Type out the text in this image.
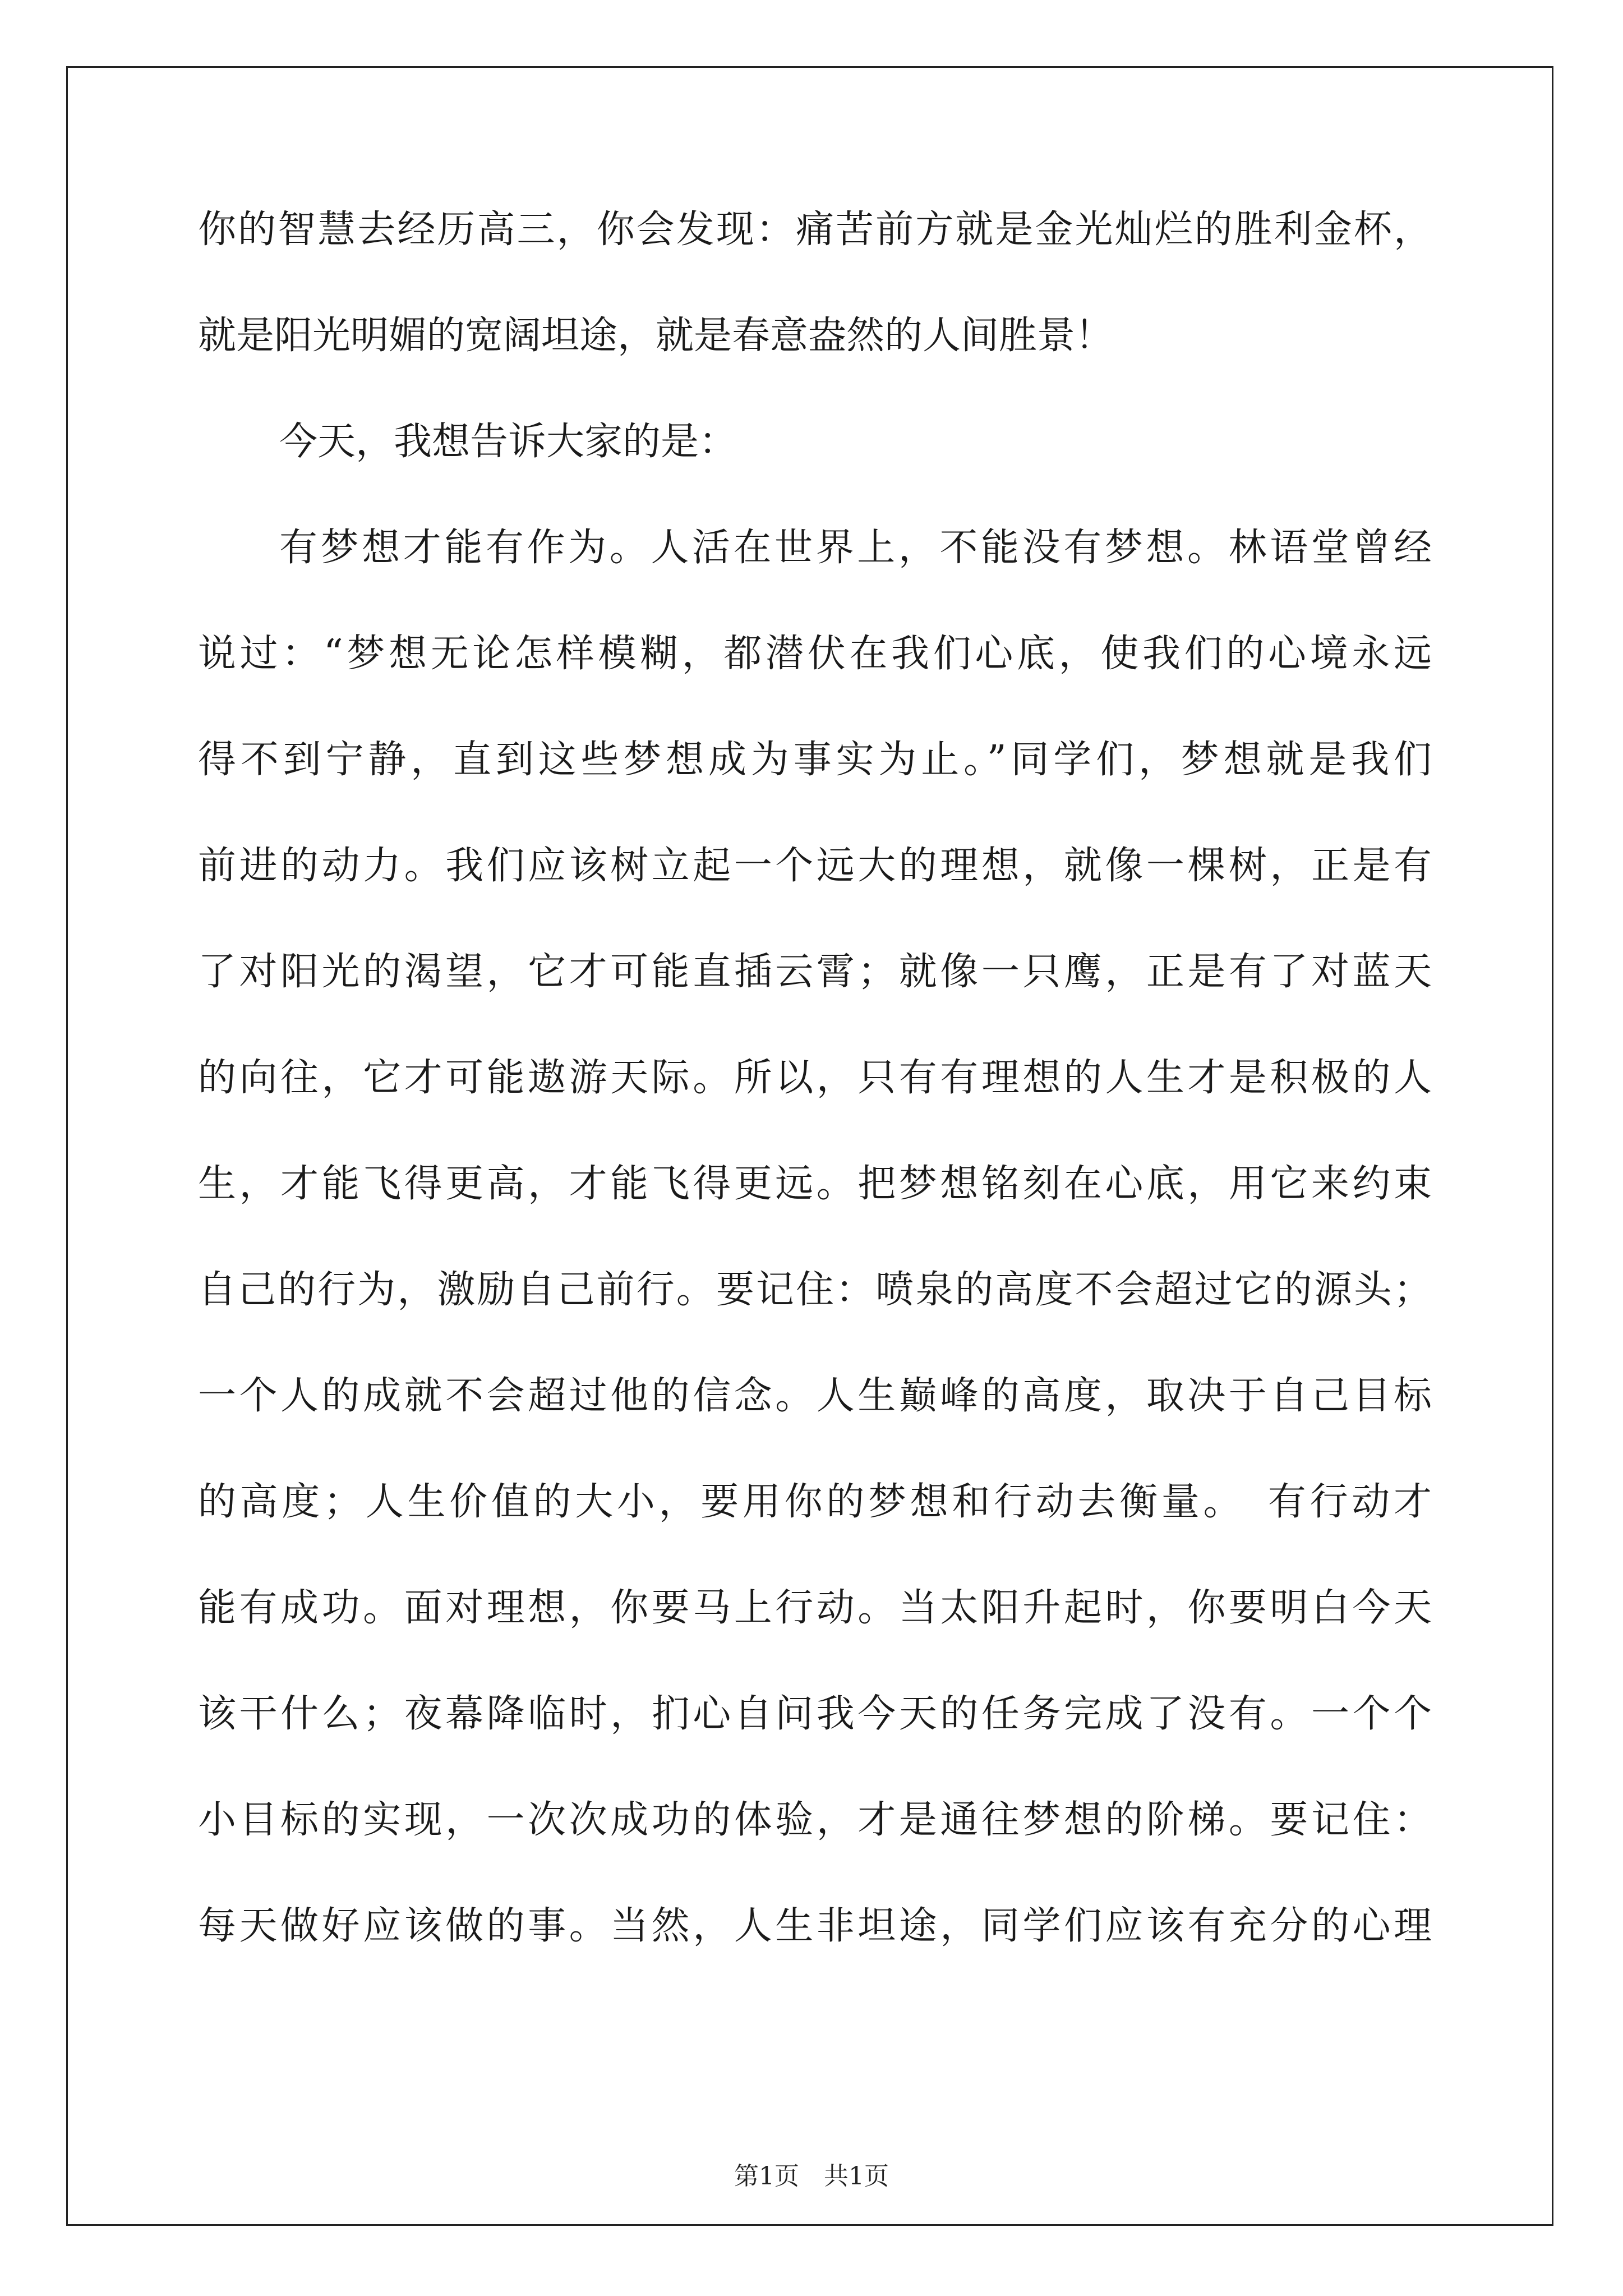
你的智慧去经历高三，你会发现：痛苦前方就是金光灿烂的胜利金杯，
就是阳光明媚的宽阔坦途，就是春意盎然的人间胜景！
今天，我想告诉大家的是：
有梦想才能有作为。人活在世界上，不能没有梦想。林语堂曾经
说过：“梦想无论怎样模糊，都潜伏在我们心底，使我们的心境永远
得不到宁静，直到这些梦想成为事实为止。”同学们，梦想就是我们
前进的动力。我们应该树立起一个远大的理想，就像一棵树，正是有
了对阳光的渴望，它才可能直插云霄；就像一只鹰，正是有了对蓝天
的向往，它才可能遨游天际。所以，只有有理想的人生才是积极的人
生，才能飞得更高，才能飞得更远。把梦想铭刻在心底，用它来约束
自己的行为，激励自己前行。要记住：喷泉的高度不会超过它的源头；
一个人的成就不会超过他的信念。人生巅峰的高度，取决于自己目标
的高度；人生价值的大小，要用你的梦想和行动去衡量。　有行动才
能有成功。面对理想，你要马上行动。当太阳升起时，你要明白今天
该干什么；夜幕降临时，扪心自问我今天的任务完成了没有。一个个
小目标的实现，一次次成功的体验，才是通往梦想的阶梯。要记住：
每天做好应该做的事。当然，人生非坦途，同学们应该有充分的心理
第1页　共1页
